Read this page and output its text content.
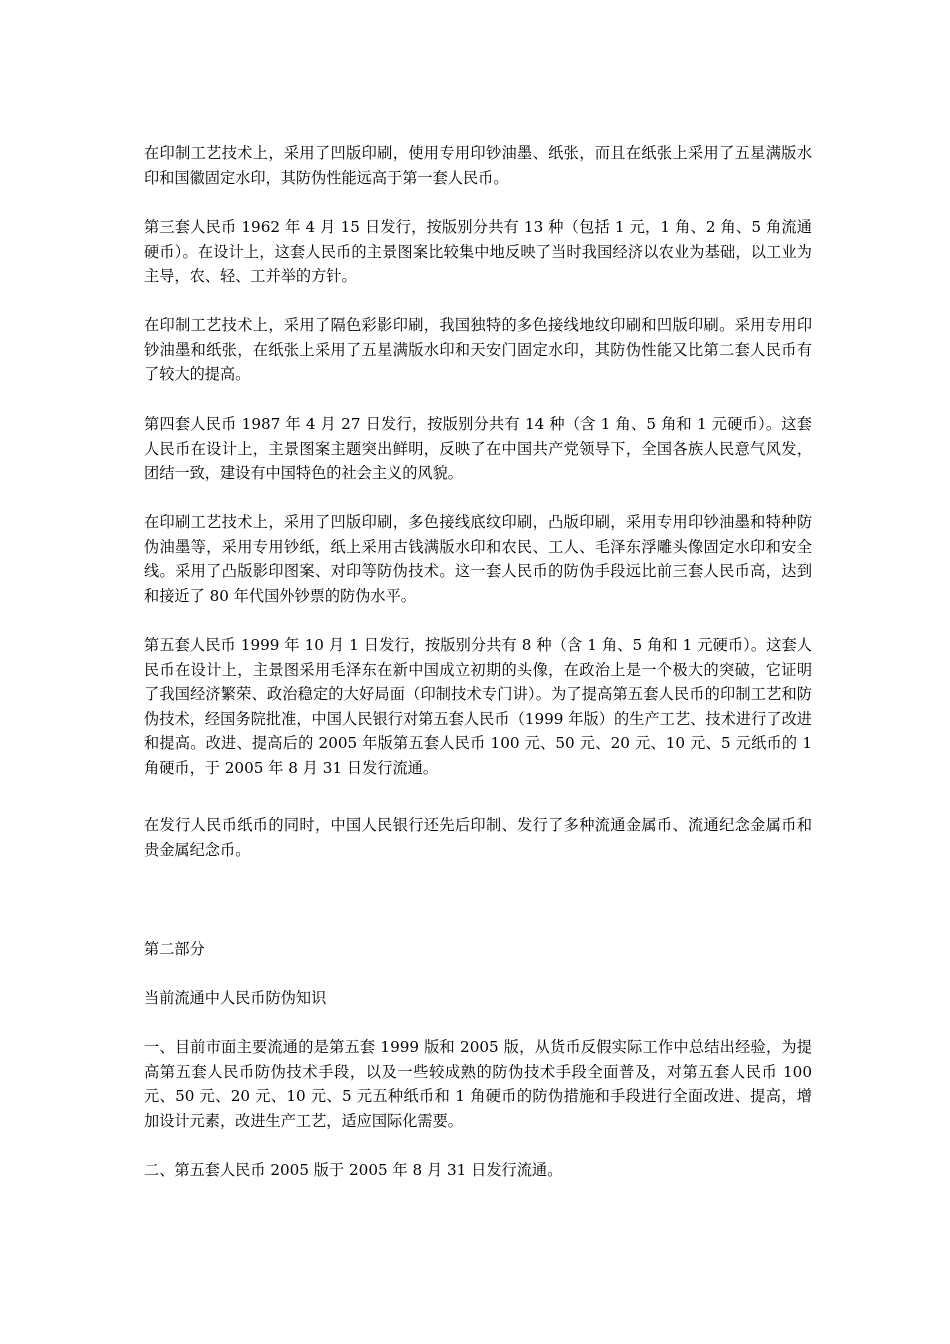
在印制工艺技术上，采用了凹版印刷，使用专用印钞油墨、纸张，而且在纸张上采用了五星满版水印和国徽固定水印，其防伪性能远高于第一套人民币。

第三套人民币 1962 年 4 月 15 日发行，按版别分共有 13 种（包括 1 元，1 角、2 角、5 角流通硬币）。在设计上，这套人民币的主景图案比较集中地反映了当时我国经济以农业为基础，以工业为主导，农、轻、工并举的方针。

在印制工艺技术上，采用了隔色彩影印刷，我国独特的多色接线地纹印刷和凹版印刷。采用专用印钞油墨和纸张，在纸张上采用了五星满版水印和天安门固定水印，其防伪性能又比第二套人民币有了较大的提高。

第四套人民币 1987 年 4 月 27 日发行，按版别分共有 14 种（含 1 角、5 角和 1 元硬币）。这套人民币在设计上，主景图案主题突出鲜明，反映了在中国共产党领导下，全国各族人民意气风发，团结一致，建设有中国特色的社会主义的风貌。

在印刷工艺技术上，采用了凹版印刷，多色接线底纹印刷，凸版印刷，采用专用印钞油墨和特种防伪油墨等，采用专用钞纸，纸上采用古钱满版水印和农民、工人、毛泽东浮雕头像固定水印和安全线。采用了凸版影印图案、对印等防伪技术。这一套人民币的防伪手段远比前三套人民币高，达到和接近了 80 年代国外钞票的防伪水平。

第五套人民币 1999 年 10 月 1 日发行，按版别分共有 8 种（含 1 角、5 角和 1 元硬币）。这套人民币在设计上，主景图采用毛泽东在新中国成立初期的头像，在政治上是一个极大的突破，它证明了我国经济繁荣、政治稳定的大好局面（印制技术专门讲）。为了提高第五套人民币的印制工艺和防伪技术，经国务院批准，中国人民银行对第五套人民币（1999 年版）的生产工艺、技术进行了改进和提高。改进、提高后的 2005 年版第五套人民币 100 元、50 元、20 元、10 元、5 元纸币的 1 角硬币，于 2005 年 8 月 31 日发行流通。

在发行人民币纸币的同时，中国人民银行还先后印制、发行了多种流通金属币、流通纪念金属币和贵金属纪念币。

第二部分

当前流通中人民币防伪知识

一、目前市面主要流通的是第五套 1999 版和 2005 版，从货币反假实际工作中总结出经验，为提高第五套人民币防伪技术手段，以及一些较成熟的防伪技术手段全面普及，对第五套人民币 100 元、50 元、20 元、10 元、5 元五种纸币和 1 角硬币的防伪措施和手段进行全面改进、提高，增加设计元素，改进生产工艺，适应国际化需要。

二、第五套人民币 2005 版于 2005 年 8 月 31 日发行流通。
